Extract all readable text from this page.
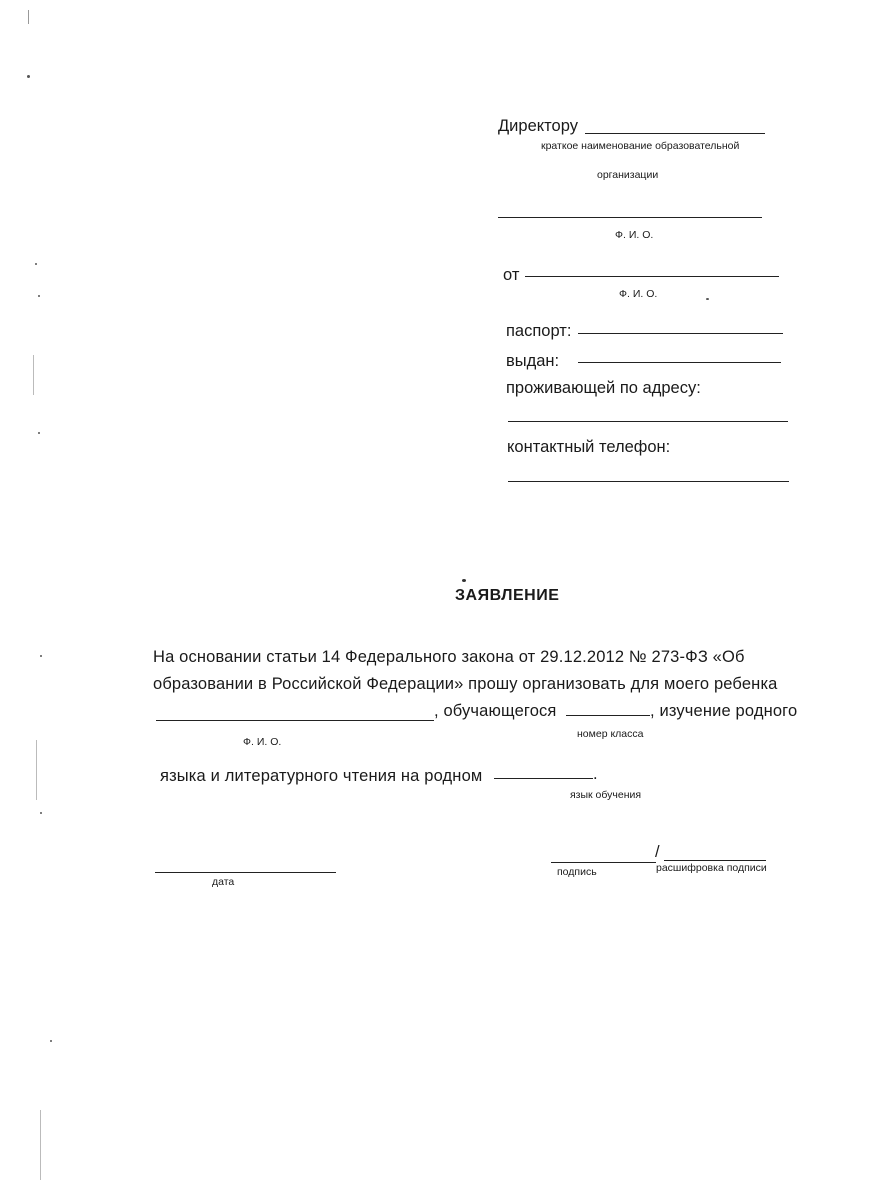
Директору
краткое наименование образовательной
организации
Ф. И. О.
от
Ф. И. О.
паспорт:
выдан:
проживающей по адресу:
контактный телефон:
ЗАЯВЛЕНИЕ
На основании статьи 14 Федерального закона от 29.12.2012 № 273-ФЗ «Об
образовании в Российской Федерации» прошу организовать для моего ребенка
, обучающегося	, изучение родного
Ф. И. О.
номер класса
языка и литературного чтения на родном	.
язык обучения
дата
/
подпись	расшифровка подписи
